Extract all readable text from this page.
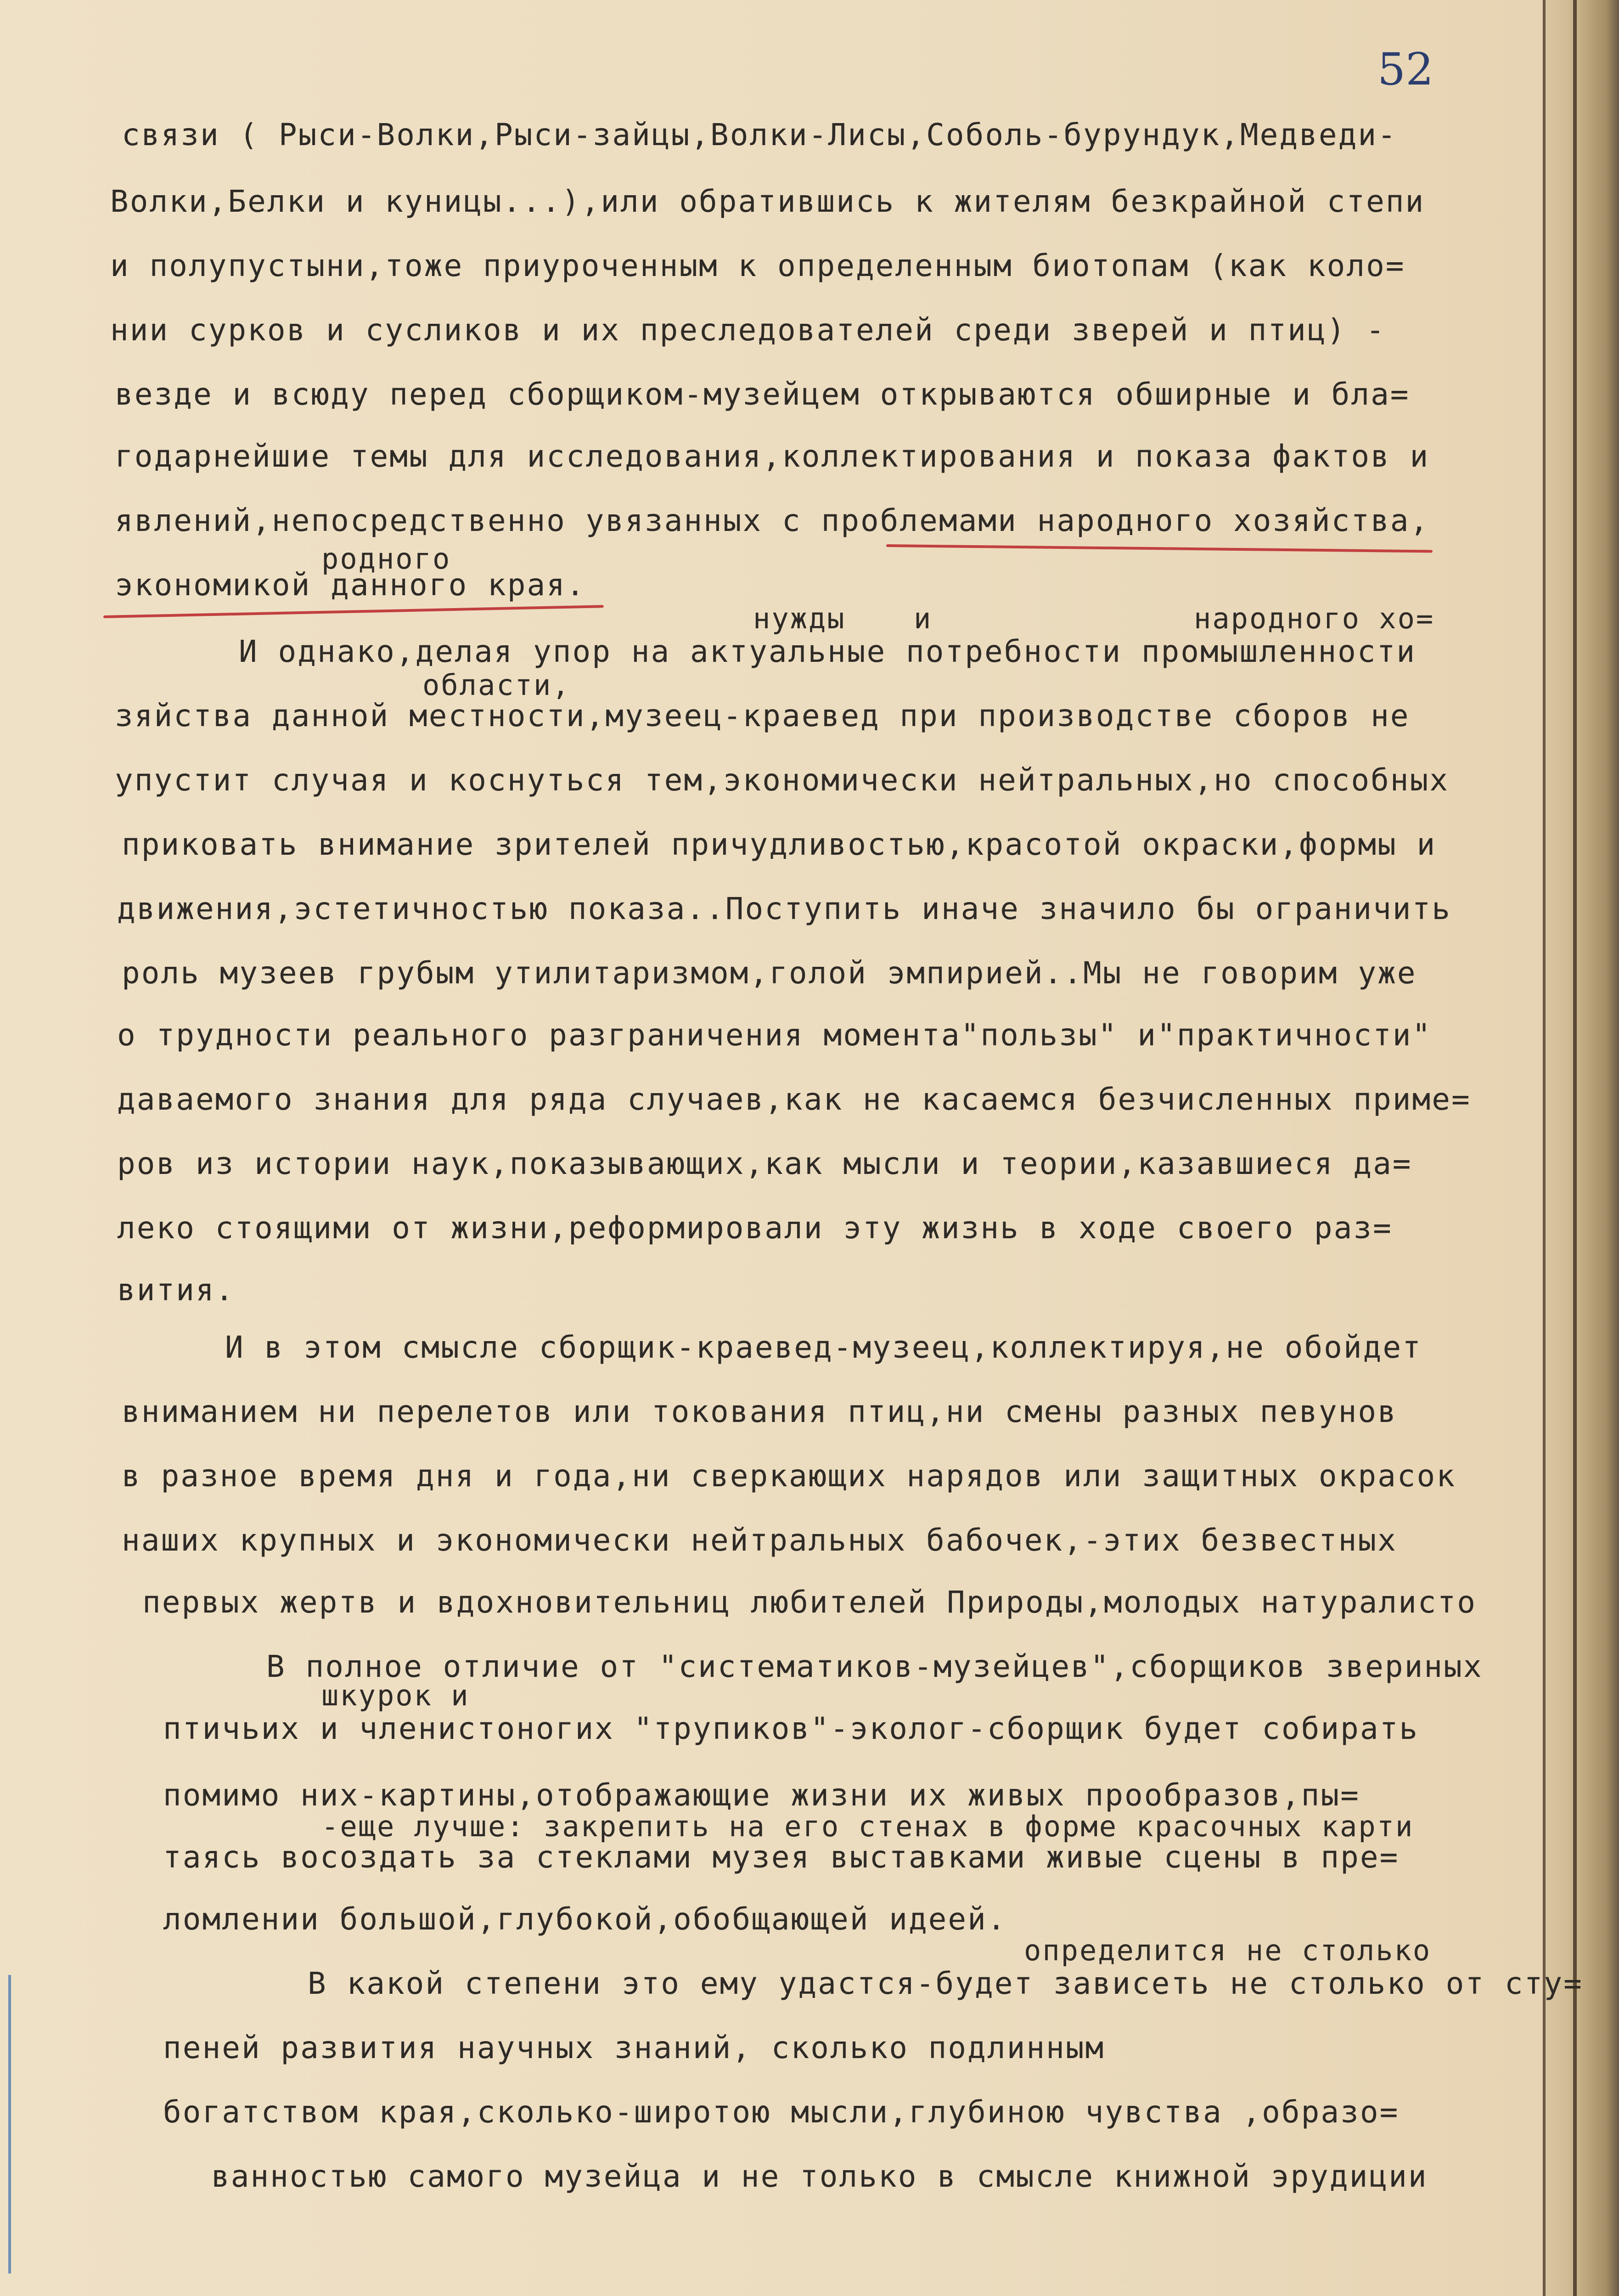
52
связи ( Рыси-Волки,Рыси-зайцы,Волки-Лисы,Соболь-бурундук,Медведи-
Волки,Белки и куницы...),или обратившись к жителям безкрайной степи
и полупустыни,тоже приуроченным к определенным биотопам (как коло=
нии сурков и сусликов и их преследователей среди зверей и птиц) -
везде и всюду перед сборщиком-музейцем открываются обширные и бла=
годарнейшие темы для исследования,коллектирования и показа фактов и
явлений,непосредственно увязанных с проблемами народного хозяйства,
родного
экономикой данного края.
нужды и	народного хо=
И однако,делая упор на актуальные потребности промышленности
области,
зяйства данной местности,музеец-краевед при производстве сборов не
упустит случая и коснуться тем,экономически нейтральных,но способных
приковать внимание зрителей причудливостью,красотой окраски,формы и
движения,эстетичностью показа..Поступить иначе значило бы ограничить
роль музеев грубым утилитаризмом,голой эмпирией..Мы не говорим уже
о трудности реального разграничения момента"пользы" и"практичности"
даваемого знания для ряда случаев,как не касаемся безчисленных приме=
ров из истории наук,показывающих,как мысли и теории,казавшиеся да=
леко стоящими от жизни,реформировали эту жизнь в ходе своего раз=
вития.
И в этом смысле сборщик-краевед-музеец,коллектируя,не обойдет
вниманием ни перелетов или токования птиц,ни смены разных певунов
в разное время дня и года,ни сверкающих нарядов или защитных окрасок
наших крупных и экономически нейтральных бабочек,-этих безвестных
первых жертв и вдохновительниц любителей Природы,молодых натуралисто
В полное отличие от "систематиков-музейцев",сборщиков звериных
шкурок и
птичьих и членистоногих "трупиков"-эколог-сборщик будет собирать
помимо них-картины,отображающие жизни их живых прообразов,пы=
-еще лучше: закрепить на его стенах в форме красочных карти
таясь восоздать за стеклами музея выставками живые сцены в пре=
ломлении большой,глубокой,обобщающей идеей.
определится не столько
В какой степени это ему удастся-будет зависеть не столько от сту=
пеней развития научных знаний, сколько подлинным
богатством края,сколько-широтою мысли,глубиною чувства ,образо=
ванностью самого музейца и не только в смысле книжной эрудиции
